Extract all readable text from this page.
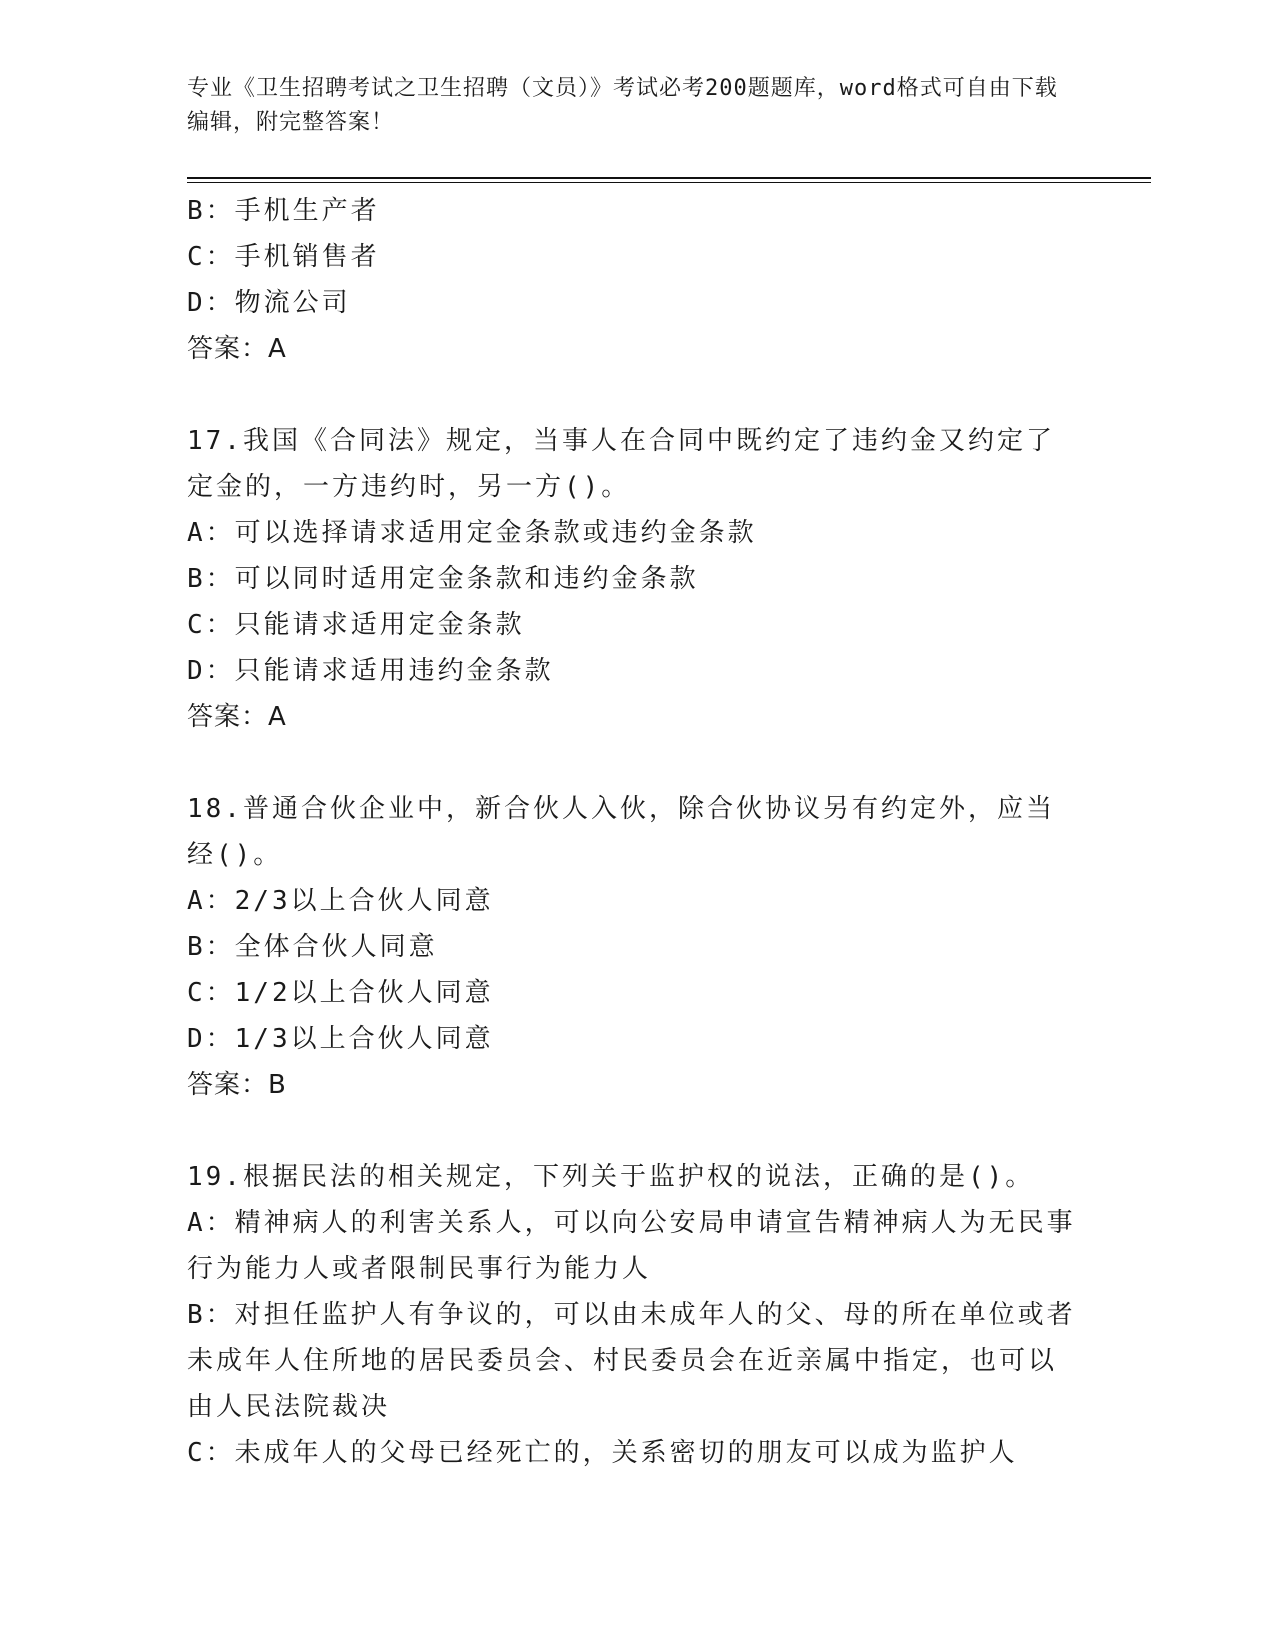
专业《卫生招聘考试之卫生招聘（文员）》考试必考200题题库，word格式可自由下载编辑，附完整答案！

B：手机生产者

C：手机销售者

D：物流公司

答案：A

17.我国《合同法》规定，当事人在合同中既约定了违约金又约定了定金的，一方违约时，另一方()。

A：可以选择请求适用定金条款或违约金条款

B：可以同时适用定金条款和违约金条款

C：只能请求适用定金条款

D：只能请求适用违约金条款

答案：A

18.普通合伙企业中，新合伙人入伙，除合伙协议另有约定外，应当经()。

A：2/3以上合伙人同意

B：全体合伙人同意

C：1/2以上合伙人同意

D：1/3以上合伙人同意

答案：B

19.根据民法的相关规定，下列关于监护权的说法，正确的是()。

A：精神病人的利害关系人，可以向公安局申请宣告精神病人为无民事行为能力人或者限制民事行为能力人

B：对担任监护人有争议的，可以由未成年人的父、母的所在单位或者未成年人住所地的居民委员会、村民委员会在近亲属中指定，也可以由人民法院裁决

C：未成年人的父母已经死亡的，关系密切的朋友可以成为监护人
